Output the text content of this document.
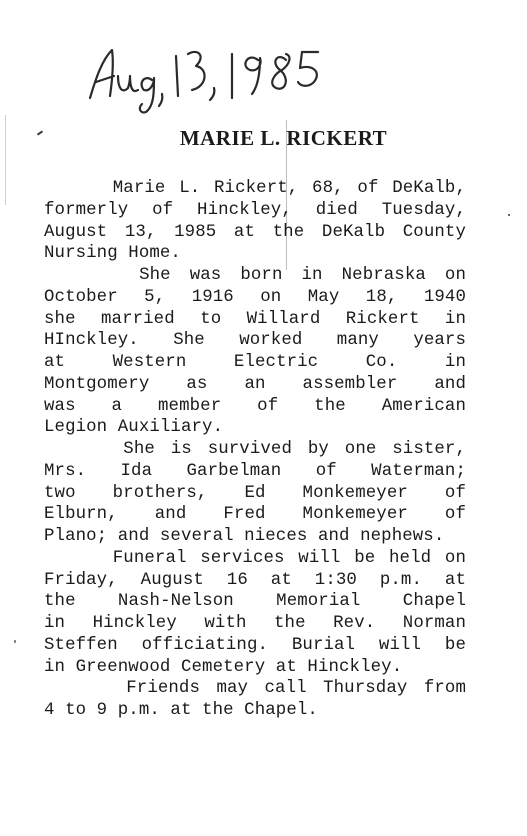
MARIE L. RICKERT
Marie L. Rickert, 68, of DeKalb,
formerly of Hinckley, died Tuesday,
August 13, 1985 at the DeKalb County
Nursing Home.
She was born in Nebraska on
October 5, 1916 on May 18, 1940
she married to Willard Rickert in
HInckley. She worked many years
at Western Electric Co. in
Montgomery as an assembler and
was a member of the American
Legion Auxiliary.
She is survived by one sister,
Mrs. Ida Garbelman of Waterman;
two brothers, Ed Monkemeyer of
Elburn, and Fred Monkemeyer of
Plano; and several nieces and nephews.
Funeral services will be held on
Friday, August 16 at 1:30 p.m. at
the Nash-Nelson Memorial Chapel
in Hinckley with the Rev. Norman
Steffen officiating. Burial will be
in Greenwood Cemetery at Hinckley.
Friends may call Thursday from
4 to 9 p.m. at the Chapel.
